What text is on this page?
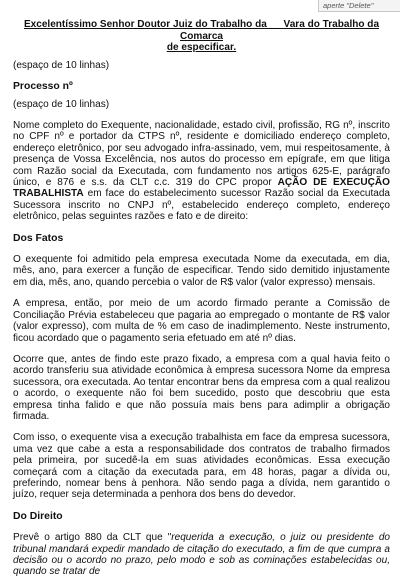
aperte "Delete"

Excelentíssimo Senhor Doutor Juiz do Trabalho da __ Vara do Trabalho da Comarca
de especificar.

(espaço de 10 linhas)

Processo nº

(espaço de 10 linhas)

Nome completo do Exequente, nacionalidade, estado civil, profissão, RG nº, inscrito no CPF nº e portador da CTPS nº, residente e domiciliado endereço completo, endereço eletrônico, por seu advogado infra-assinado, vem, mui respeitosamente, à presença de Vossa Excelência, nos autos do processo em epígrafe, em que litiga com Razão social da Executada, com fundamento nos artigos 625-E, parágrafo único, e 876 e s.s. da CLT c.c. 319 do CPC propor AÇÃO DE EXECUÇÃO TRABALHISTA em face do estabelecimento sucessor Razão social da Executada Sucessora inscrito no CNPJ nº, estabelecido endereço completo, endereço eletrônico, pelas seguintes razões e fato e de direito:

Dos Fatos

O exequente foi admitido pela empresa executada Nome da executada, em dia, mês, ano, para exercer a função de especificar. Tendo sido demitido injustamente em dia, mês, ano, quando percebia o valor de R$ valor (valor expresso) mensais.

A empresa, então, por meio de um acordo firmado perante a Comissão de Conciliação Prévia estabeleceu que pagaria ao empregado o montante de R$ valor (valor expresso), com multa de % em caso de inadimplemento. Neste instrumento, ficou acordado que o pagamento seria efetuado em até nº dias.

Ocorre que, antes de findo este prazo fixado, a empresa com a qual havia feito o acordo transferiu sua atividade econômica à empresa sucessora Nome da empresa sucessora, ora executada. Ao tentar encontrar bens da empresa com a qual realizou o acordo, o exequente não foi bem sucedido, posto que descobriu que esta empresa tinha falido e que não possuía mais bens para adimplir a obrigação firmada.

Com isso, o exequente visa a execução trabalhista em face da empresa sucessora, uma vez que cabe a esta a responsabilidade dos contratos de trabalho firmados pela primeira, por sucedê-la em suas atividades econômicas. Essa execução começará com a citação da executada para, em 48 horas, pagar a dívida ou, preferindo, nomear bens à penhora. Não sendo paga a dívida, nem garantido o juízo, requer seja determinada a penhora dos bens do devedor.

Do Direito

Prevê o artigo 880 da CLT que "requerida a execução, o juiz ou presidente do tribunal mandará expedir mandado de citação do executado, a fim de que cumpra a decisão ou o acordo no prazo, pelo modo e sob as cominações estabelecidas ou, quando se tratar de
